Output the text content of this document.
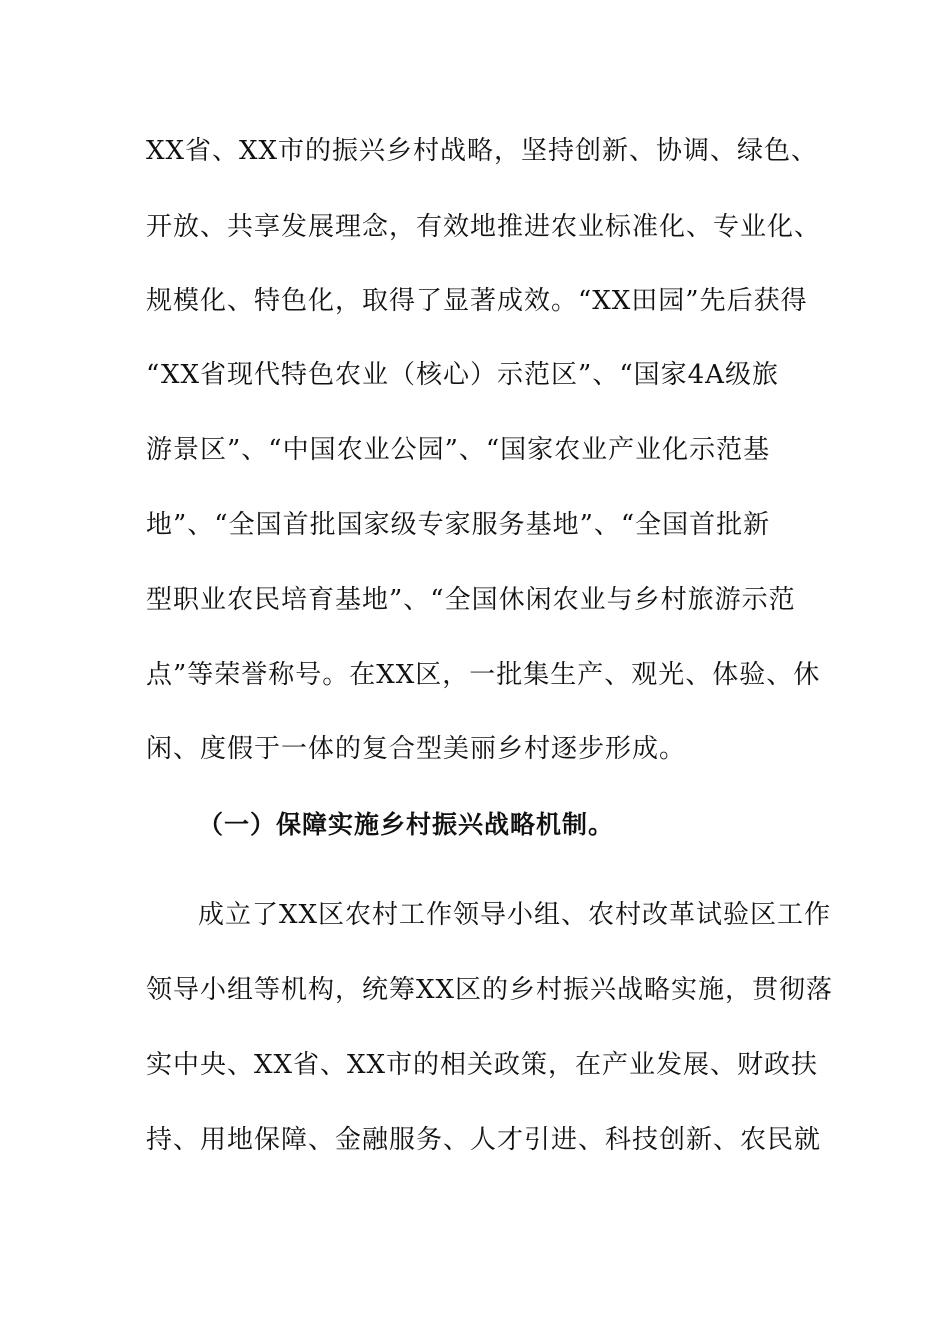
XX省、XX市的振兴乡村战略，坚持创新、协调、绿色、
开放、共享发展理念，有效地推进农业标准化、专业化、
规模化、特色化，取得了显著成效。“XX田园”先后获得
“XX省现代特色农业（核心）示范区”、“国家4A级旅
游景区”、“中国农业公园”、“国家农业产业化示范基
地”、“全国首批国家级专家服务基地”、“全国首批新
型职业农民培育基地”、“全国休闲农业与乡村旅游示范
点”等荣誉称号。在XX区，一批集生产、观光、体验、休
闲、度假于一体的复合型美丽乡村逐步形成。
（一）保障实施乡村振兴战略机制。
成立了XX区农村工作领导小组、农村改革试验区工作
领导小组等机构，统筹XX区的乡村振兴战略实施，贯彻落
实中央、XX省、XX市的相关政策，在产业发展、财政扶
持、用地保障、金融服务、人才引进、科技创新、农民就
